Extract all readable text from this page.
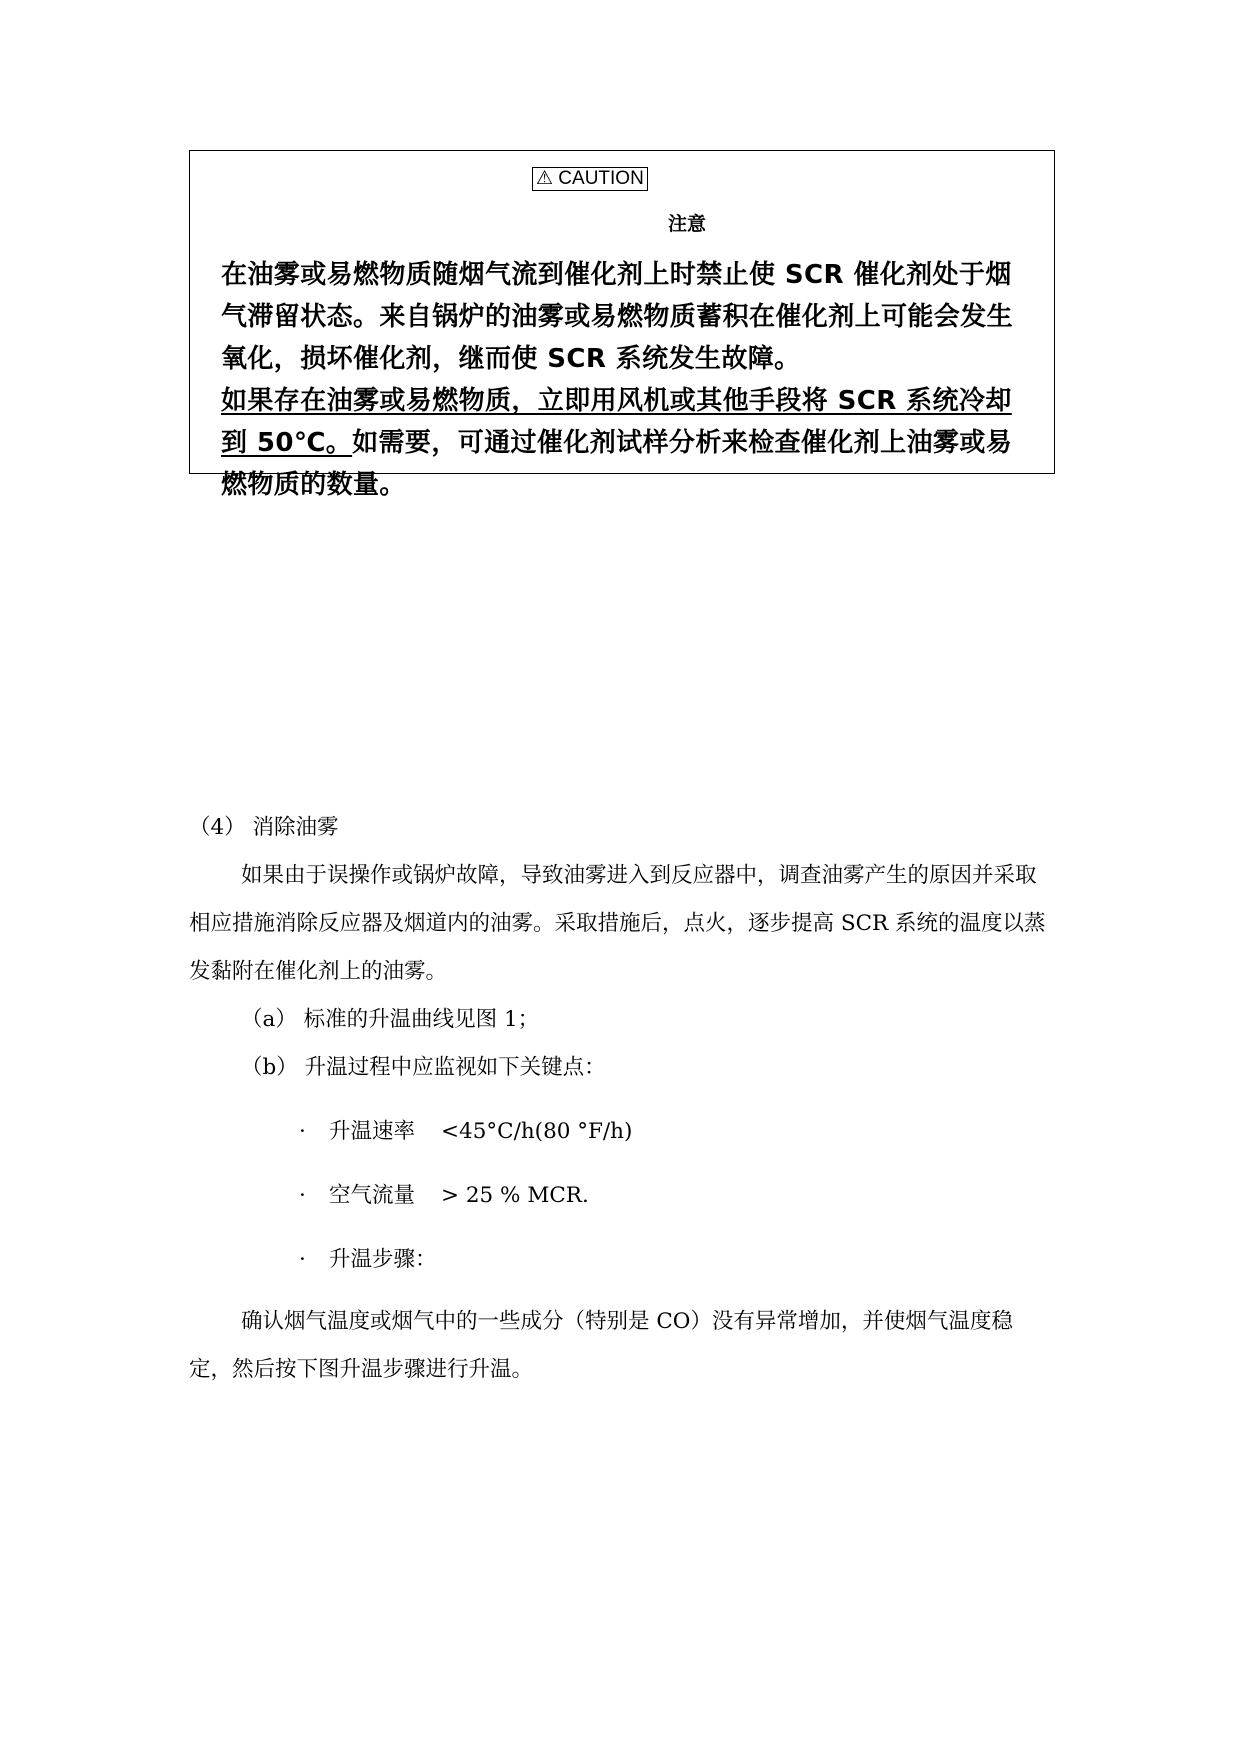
⚠ CAUTION
注意

在油雾或易燃物质随烟气流到催化剂上时禁止使 SCR 催化剂处于烟气滞留状态。来自锅炉的油雾或易燃物质蓄积在催化剂上可能会发生氧化，损坏催化剂，继而使 SCR 系统发生故障。

如果存在油雾或易燃物质，立即用风机或其他手段将 SCR 系统冷却到 50℃。如需要，可通过催化剂试样分析来检查催化剂上油雾或易燃物质的数量。

（4） 消除油雾
如果由于误操作或锅炉故障，导致油雾进入到反应器中，调查油雾产生的原因并采取相应措施消除反应器及烟道内的油雾。采取措施后，点火，逐步提高 SCR 系统的温度以蒸发黏附在催化剂上的油雾。
（a） 标准的升温曲线见图 1；
（b） 升温过程中应监视如下关键点：
· 升温速率 <45°C/h(80 °F/h)
· 空气流量 > 25 % MCR.
· 升温步骤：
确认烟气温度或烟气中的一些成分（特别是 CO）没有异常增加，并使烟气温度稳定，然后按下图升温步骤进行升温。
